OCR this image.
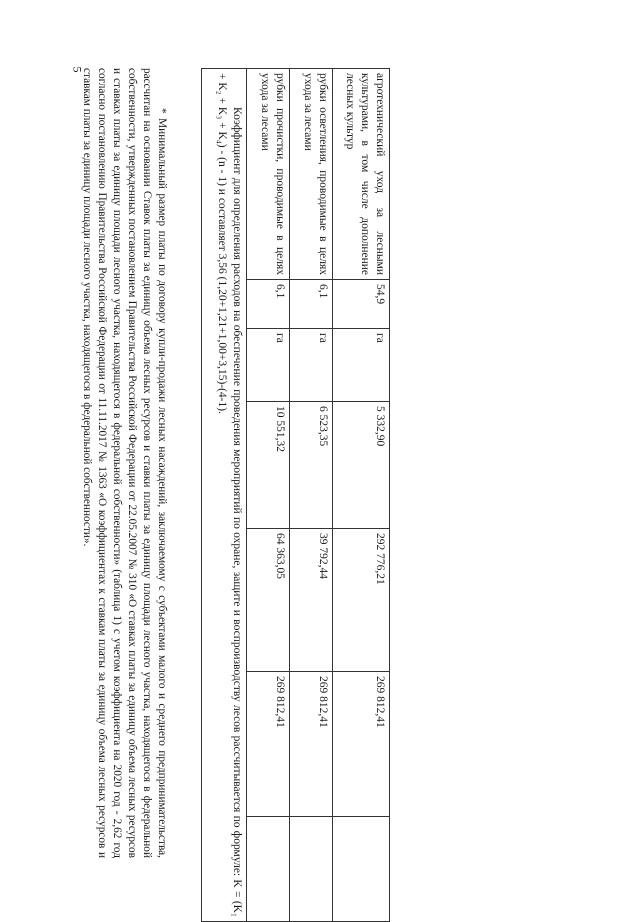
5
агротехнический уход за лесными культурами, в том числе дополнение лесных культур	54,9	га	5 332,90	292 776,21	269 812,41	
рубки осветления, проводимые в целях ухода за лесами	6,1	га	6 523,35	39 792,44	269 812,41	
рубки прочистки, проводимые в целях ухода за лесами	6,1	га	10 551,32	64 363,05	269 812,41	
Коэффициент для определения расходов на обеспечение проведения мероприятий по охране, защите и воспроизводству лесов рассчитывается по формуле: K = (K₁ + K₂ + K₃ + K₄) - (n - 1) и составляет 3,56 (1,20+1,21+1,00+3,15)-(4-1).						

* Минимальный размер платы по договору купли-продажи лесных насаждений, заключаемому с субъектами малого и среднего предпринимательства, рассчитан на основании Ставок платы за единицу объема лесных ресурсов и ставки платы за единицу площади лесного участка, находящегося в федеральной собственности, утвержденных постановлением Правительства Российской Федерации от 22.05.2007 № 310 «О ставках платы за единицу объема лесных ресурсов и ставках платы за единицу площади лесного участка, находящегося в федеральной собственности» (таблица 1) с учетом коэффициента на 2020 год - 2,62 год согласно постановлению Правительства Российской Федерации от 11.11.2017 № 1363 «О коэффициентах к ставкам платы за единицу объема лесных ресурсов и ставкам платы за единицу площади лесного участка, находящегося в федеральной собственности».
